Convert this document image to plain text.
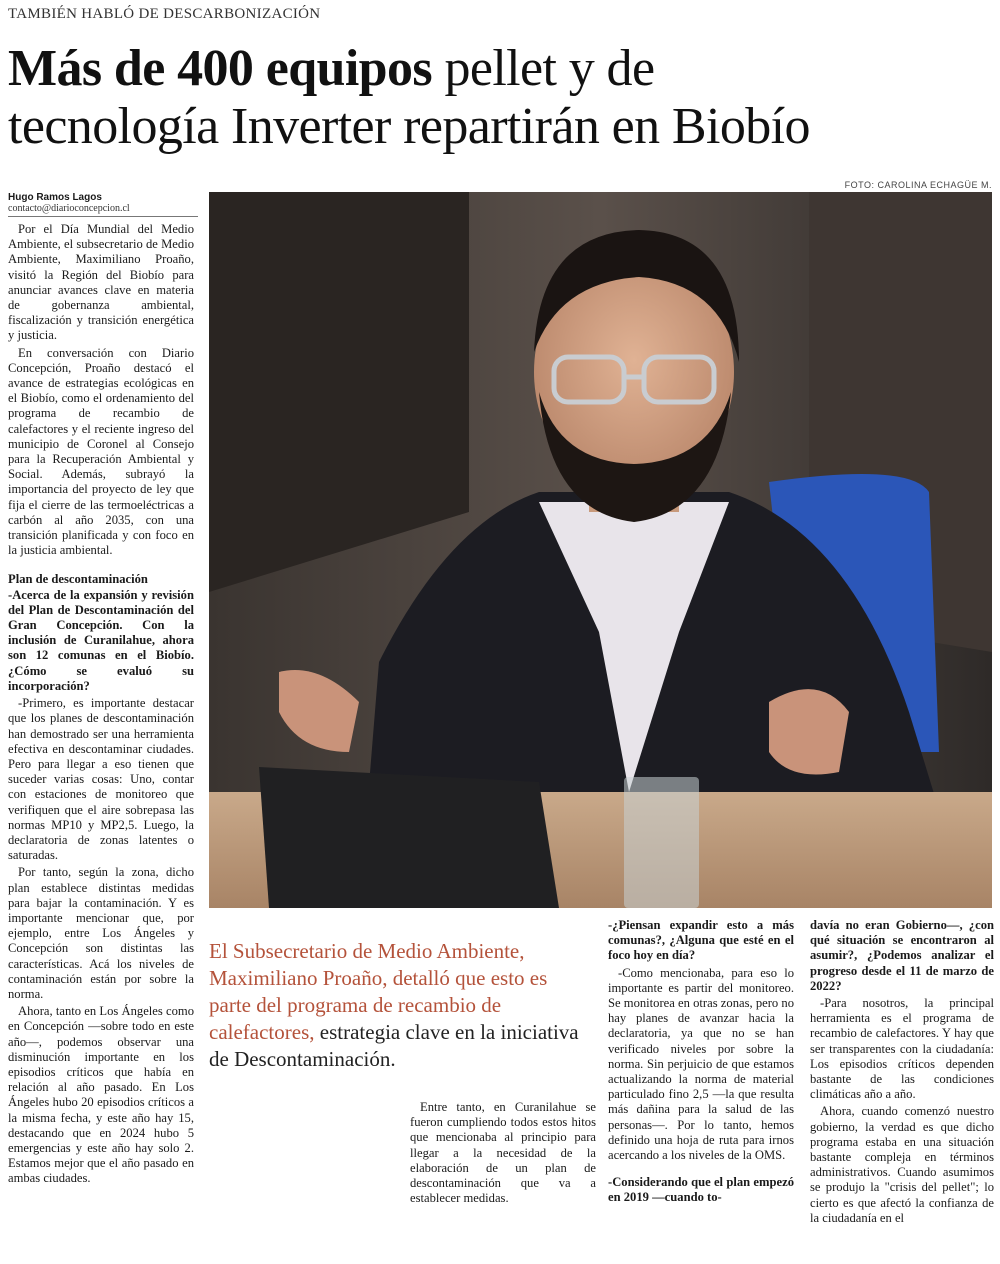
TAMBIÉN HABLÓ DE DESCARBONIZACIÓN
Más de 400 equipos pellet y de
tecnología Inverter repartirán en Biobío
Hugo Ramos Lagos
contacto@diarioconcepcion.cl
FOTO: CAROLINA ECHAGÜE M.

Por el Día Mundial del Medio Ambiente, el subsecretario de Medio Ambiente, Maximiliano Proaño, visitó la Región del Biobío para anunciar avances clave en materia de gobernanza ambiental, fiscalización y transición energética y justicia.

En conversación con Diario Concepción, Proaño destacó el avance de estrategias ecológicas en el Biobío, como el ordenamiento del programa de recambio de calefactores y el reciente ingreso del municipio de Coronel al Consejo para la Recuperación Ambiental y Social. Además, subrayó la importancia del proyecto de ley que fija el cierre de las termoeléctricas a carbón al año 2035, con una transición planificada y con foco en la justicia ambiental.

Plan de descontaminación

-Acerca de la expansión y revisión del Plan de Descontaminación del Gran Concepción. Con la inclusión de Curanilahue, ahora son 12 comunas en el Biobío. ¿Cómo se evaluó su incorporación?

-Primero, es importante destacar que los planes de descontaminación han demostrado ser una herramienta efectiva en descontaminar ciudades. Pero para llegar a eso tienen que suceder varias cosas: Uno, contar con estaciones de monitoreo que verifiquen que el aire sobrepasa las normas MP10 y MP2,5. Luego, la declaratoria de zonas latentes o saturadas.

Por tanto, según la zona, dicho plan establece distintas medidas para bajar la contaminación. Y es importante mencionar que, por ejemplo, entre Los Ángeles y Concepción son distintas las características. Acá los niveles de contaminación están por sobre la norma.

Ahora, tanto en Los Ángeles como en Concepción —sobre todo en este año—, podemos observar una disminución importante en los episodios críticos que había en relación al año pasado. En Los Ángeles hubo 20 episodios críticos a la misma fecha, y este año hay 15, destacando que en 2024 hubo 5 emergencias y este año hay solo 2. Estamos mejor que el año pasado en ambas ciudades.

El Subsecretario de Medio Ambiente, Maximiliano Proaño, detalló que esto es parte del programa de recambio de calefactores, estrategia clave en la iniciativa de Descontaminación.

Entre tanto, en Curanilahue se fueron cumpliendo todos estos hitos que mencionaba al principio para llegar a la necesidad de la elaboración de un plan de descontaminación que va a establecer medidas.

-¿Piensan expandir esto a más comunas?, ¿Alguna que esté en el foco hoy en día?

-Como mencionaba, para eso lo importante es partir del monitoreo. Se monitorea en otras zonas, pero no hay planes de avanzar hacia la declaratoria, ya que no se han verificado niveles por sobre la norma. Sin perjuicio de que estamos actualizando la norma de material particulado fino 2,5 —la que resulta más dañina para la salud de las personas—. Por lo tanto, hemos definido una hoja de ruta para irnos acercando a los niveles de la OMS.

-Considerando que el plan empezó en 2019 —cuando to-

davía no eran Gobierno—, ¿con qué situación se encontraron al asumir?, ¿Podemos analizar el progreso desde el 11 de marzo de 2022?

-Para nosotros, la principal herramienta es el programa de recambio de calefactores. Y hay que ser transparentes con la ciudadanía: Los episodios críticos dependen bastante de las condiciones climáticas año a año.

Ahora, cuando comenzó nuestro gobierno, la verdad es que dicho programa estaba en una situación bastante compleja en términos administrativos. Cuando asumimos se produjo la "crisis del pellet"; lo cierto es que afectó la confianza de la ciudadanía en el
